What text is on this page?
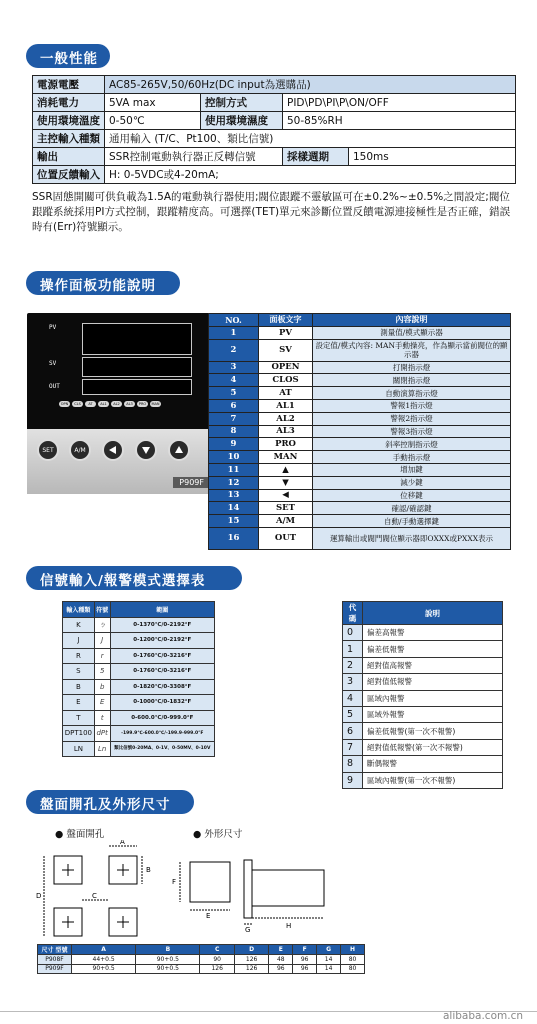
一般性能
電源電壓	AC85-265V,50/60Hz(DC input為選購品)			
消耗電力	5VA max	控制方式	PID\PD\PI\P\ON/OFF	
使用環境溫度	0-50℃	使用環境濕度	50-85%RH	
主控輸入種類	通用輸入 (T/C、Pt100、類比信號)			
輸出	SSR控制電動執行器正反轉信號		採樣週期	150ms
位置反饋輸入	H: 0-5VDC或4-20mA;			
SSR固態開關可供負載為1.5A的電動執行器使用;閥位跟蹤不靈敏區可在±0.2%~±0.5%之間設定;閥位跟蹤系統採用PI方式控制，跟蹤精度高。可選擇(TET)單元來診斷位置反饋電源連接極性是否正確，錯誤時有(Err)符號顯示。
操作面板功能說明
PV
SV
OUT
OPN	CLS	AT	AL1	AL2	AL3	PRO	MAN
SET	A/M
P909F
NO.	面板文字	內容說明
1	PV	測量值/模式顯示器
2	SV	設定值/模式內容: MAN手動操亮，作為顯示當前閥位的顯示器
3	OPEN	打開指示燈
4	CLOS	關閉指示燈
5	AT	自動演算指示燈
6	AL1	警報1指示燈
7	AL2	警報2指示燈
8	AL3	警報3指示燈
9	PRO	斜率控制指示燈
10	MAN	手動指示燈
11	▲	增加鍵
12	▼	減少鍵
13	◀	位移鍵
14	SET	確認/確認鍵
15	A/M	自動/手動選擇鍵
16	OUT	運算輸出或閥門閥位顯示器即OXXX或PXXX表示
信號輸入/報警模式選擇表
輸入種類	符號	範圍
K	ㄅ	0-1370℃/0-2192°F
J	J	0-1200℃/0-2192°F
R	r	0-1760℃/0-3216°F
S	5	0-1760℃/0-3216°F
B	b	0-1820℃/0-3308°F
E	E	0-1000℃/0-1832°F
T	t	0-600.0℃/0-999.0°F
DPT100	dPt	-199.9℃-600.0℃/-199.9-999.0°F
LN	Ln	類比信號0-20MA、0-1V、0-50MV、0-10V
代碼	說明
0	偏差高報警
1	偏差低報警
2	絕對值高報警
3	絕對值低報警
4	區域內報警
5	區域外報警
6	偏差低報警(第一次不報警)
7	絕對值低報警(第一次不報警)
8	斷偶報警
9	區域內報警(第一次不報警)
盤面開孔及外形尺寸
● 盤面開孔	● 外形尺寸
A
B
C
D
E
F
G	H
尺寸 型號	A	B	C	D	E	F	G	H
P908F	44+0.5	90+0.5	90	126	48	96	14	80
P909F	90+0.5	90+0.5	126	126	96	96	14	80
alibaba.com.cn
